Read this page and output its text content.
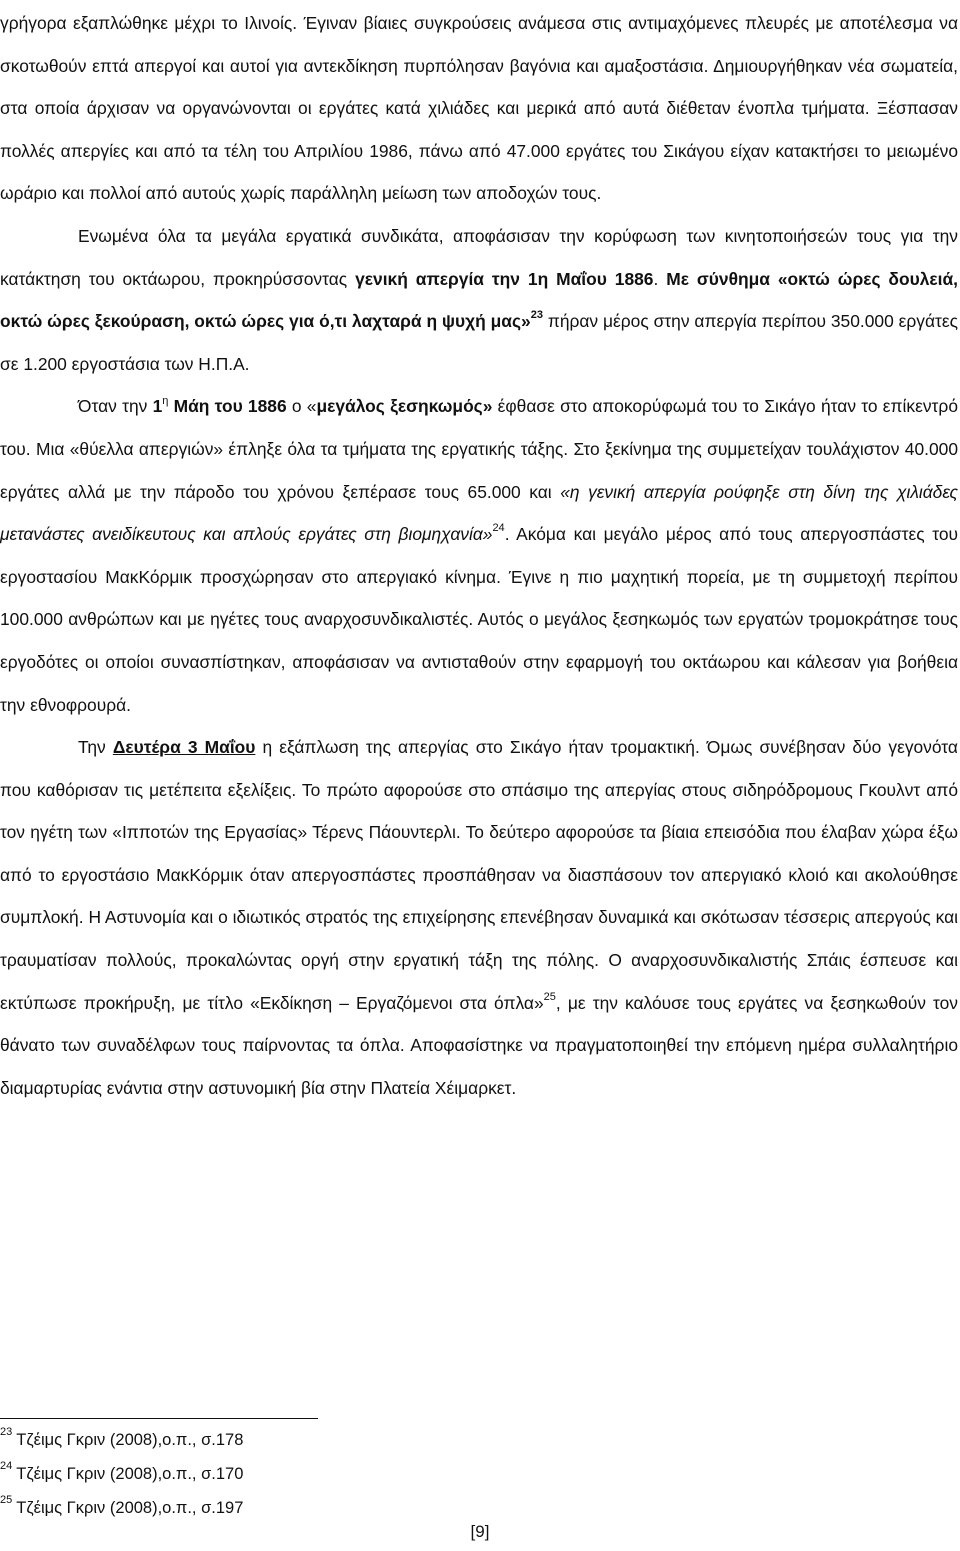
γρήγορα εξαπλώθηκε μέχρι το Ιλινοίς. Έγιναν βίαιες συγκρούσεις ανάμεσα στις αντιμαχόμενες πλευρές με αποτέλεσμα να σκοτωθούν επτά απεργοί και αυτοί για αντεκδίκηση πυρπόλησαν βαγόνια και αμαξοστάσια. Δημιουργήθηκαν νέα σωματεία, στα οποία άρχισαν να οργανώνονται οι εργάτες κατά χιλιάδες και μερικά από αυτά διέθεταν ένοπλα τμήματα. Ξέσπασαν πολλές απεργίες και από τα τέλη του Απριλίου 1986, πάνω από 47.000 εργάτες του Σικάγου είχαν κατακτήσει το μειωμένο ωράριο και πολλοί από αυτούς χωρίς παράλληλη μείωση των αποδοχών τους.

Ενωμένα όλα τα μεγάλα εργατικά συνδικάτα, αποφάσισαν την κορύφωση των κινητοποιήσεών τους για την κατάκτηση του οκτάωρου, προκηρύσσοντας γενική απεργία την 1η Μαΐου 1886. Με σύνθημα «οκτώ ώρες δουλειά, οκτώ ώρες ξεκούραση, οκτώ ώρες για ό,τι λαχταρά η ψυχή μας»$^{23}$ πήραν μέρος στην απεργία περίπου 350.000 εργάτες σε 1.200 εργοστάσια των Η.Π.Α.

Όταν την $1^\eta$ Μάη του 1886 ο «μεγάλος ξεσηκωμός» έφθασε στο αποκορύφωμά του το Σικάγο ήταν το επίκεντρό του. Μια «θύελλα απεργιών» έπληξε όλα τα τμήματα της εργατικής τάξης. Στο ξεκίνημα της συμμετείχαν τουλάχιστον 40.000 εργάτες αλλά με την πάροδο του χρόνου ξεπέρασε τους 65.000 και «η γενική απεργία ρούφηξε στη δίνη της χιλιάδες μετανάστες ανειδίκευτους και απλούς εργάτες στη βιομηχανία»$^{24}$. Ακόμα και μεγάλο μέρος από τους απεργοσπάστες του εργοστασίου ΜακΚόρμικ προσχώρησαν στο απεργιακό κίνημα. Έγινε η πιο μαχητική πορεία, με τη συμμετοχή περίπου 100.000 ανθρώπων και με ηγέτες τους αναρχοσυνδικαλιστές. Αυτός ο μεγάλος ξεσηκωμός των εργατών τρομοκράτησε τους εργοδότες οι οποίοι συνασπίστηκαν, αποφάσισαν να αντισταθούν στην εφαρμογή του οκτάωρου και κάλεσαν για βοήθεια την εθνοφρουρά.

Την Δευτέρα 3 Μαΐου η εξάπλωση της απεργίας στο Σικάγο ήταν τρομακτική. Όμως συνέβησαν δύο γεγονότα που καθόρισαν τις μετέπειτα εξελίξεις. Το πρώτο αφορούσε στο σπάσιμο της απεργίας στους σιδηρόδρομους Γκουλντ από τον ηγέτη των «Ιπποτών της Εργασίας» Τέρενς Πάουντερλι. Το δεύτερο αφορούσε τα βίαια επεισόδια που έλαβαν χώρα έξω από το εργοστάσιο ΜακΚόρμικ όταν απεργοσπάστες προσπάθησαν να διασπάσουν τον απεργιακό κλοιό και ακολούθησε συμπλοκή. Η Αστυνομία και ο ιδιωτικός στρατός της επιχείρησης επενέβησαν δυναμικά και σκότωσαν τέσσερις απεργούς και τραυματίσαν πολλούς, προκαλώντας οργή στην εργατική τάξη της πόλης. Ο αναρχοσυνδικαλιστής Σπάις έσπευσε και εκτύπωσε προκήρυξη, με τίτλο «Εκδίκηση – Εργαζόμενοι στα όπλα»$^{25}$, με την καλόυσε τους εργάτες να ξεσηκωθούν τον θάνατο των συναδέλφων τους παίρνοντας τα όπλα. Αποφασίστηκε να πραγματοποιηθεί την επόμενη ημέρα συλλαλητήριο διαμαρτυρίας ενάντια στην αστυνομική βία στην Πλατεία Χέιμαρκετ.

$^{23}$ Τζέιμς Γκριν (2008),ο.π., σ.178
$^{24}$ Τζέιμς Γκριν (2008),ο.π., σ.170
$^{25}$ Τζέιμς Γκριν (2008),ο.π., σ.197
[9]
